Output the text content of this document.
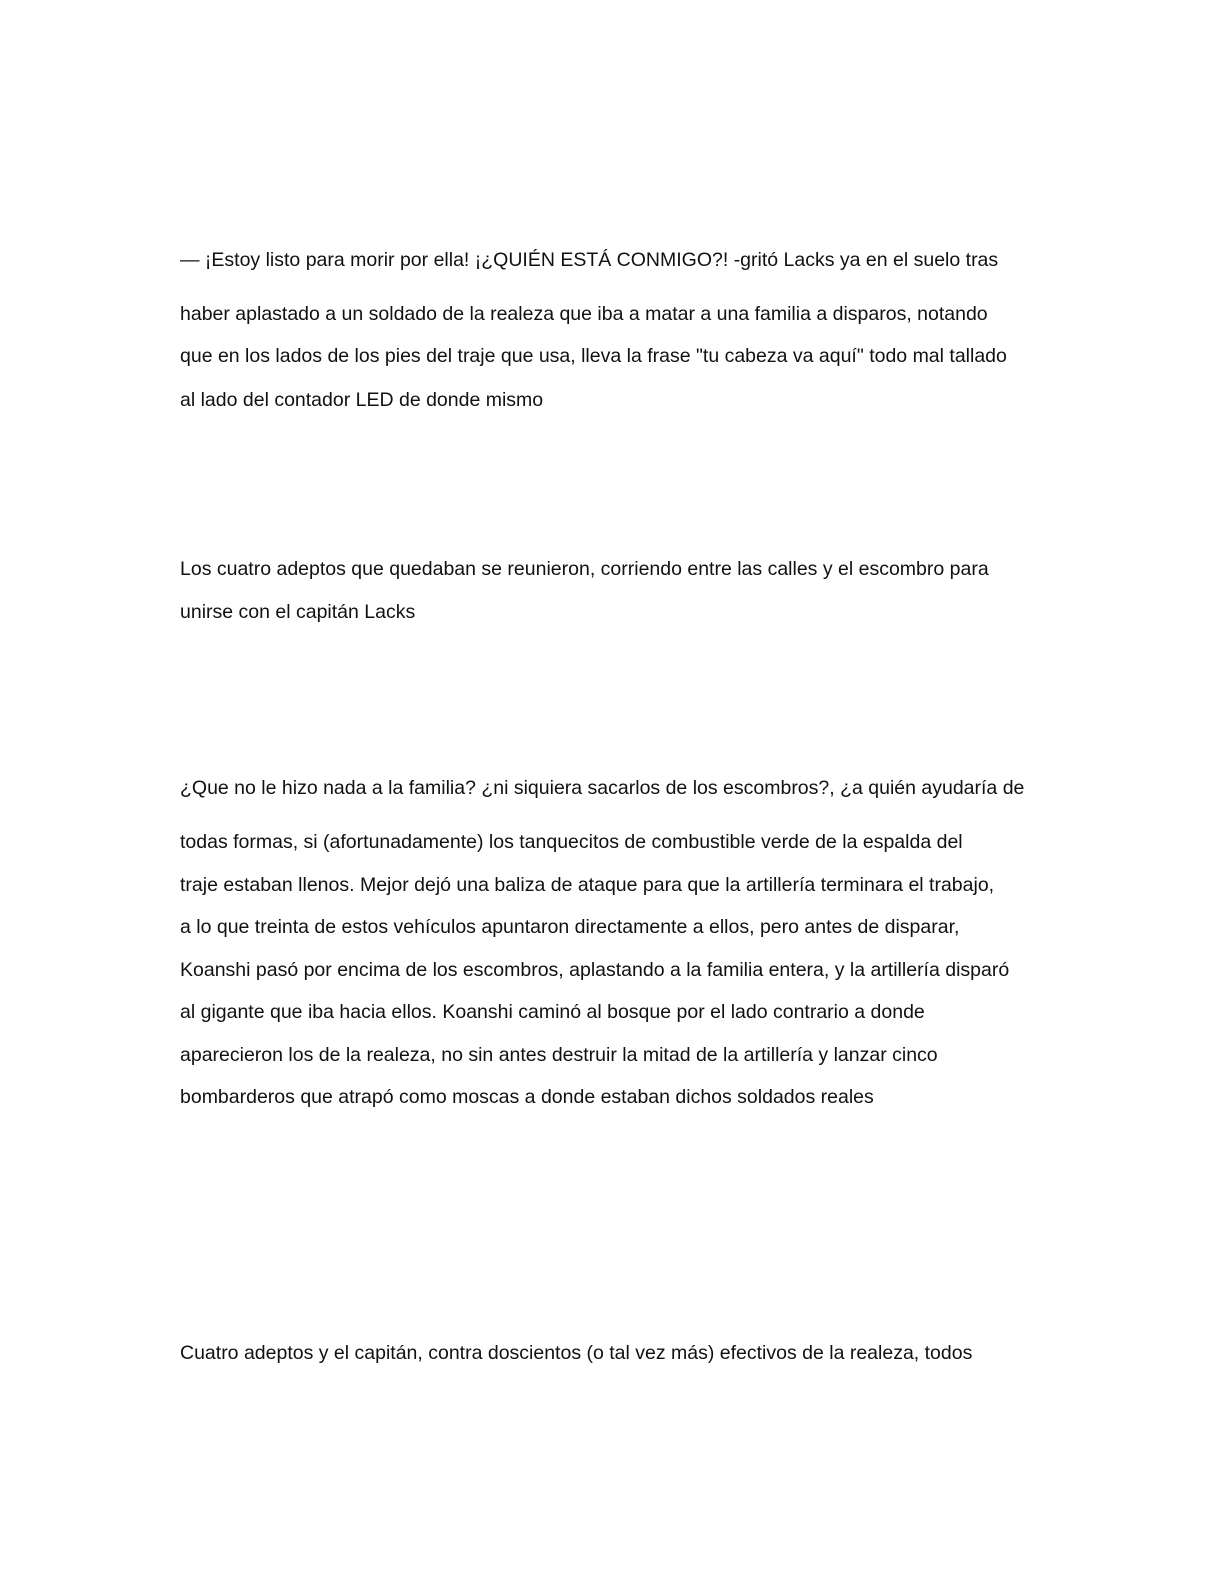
— ¡Estoy listo para morir por ella! ¡¿QUIÉN ESTÁ CONMIGO?! -gritó Lacks ya en el suelo tras
haber aplastado a un soldado de la realeza que iba a matar a una familia a disparos, notando
que en los lados de los pies del traje que usa, lleva la frase "tu cabeza va aquí" todo mal tallado
al lado del contador LED de donde mismo
Los cuatro adeptos que quedaban se reunieron, corriendo entre las calles y el escombro para
unirse con el capitán Lacks
¿Que no le hizo nada a la familia? ¿ni siquiera sacarlos de los escombros?, ¿a quién ayudaría de
todas formas, si (afortunadamente) los tanquecitos de combustible verde de la espalda del
traje estaban llenos. Mejor dejó una baliza de ataque para que la artillería terminara el trabajo,
a lo que treinta de estos vehículos apuntaron directamente a ellos, pero antes de disparar,
Koanshi pasó por encima de los escombros, aplastando a la familia entera, y la artillería disparó
al gigante que iba hacia ellos. Koanshi caminó al bosque por el lado contrario a donde
aparecieron los de la realeza, no sin antes destruir la mitad de la artillería y lanzar cinco
bombarderos que atrapó como moscas a donde estaban dichos soldados reales
Cuatro adeptos y el capitán, contra doscientos (o tal vez más) efectivos de la realeza, todos
